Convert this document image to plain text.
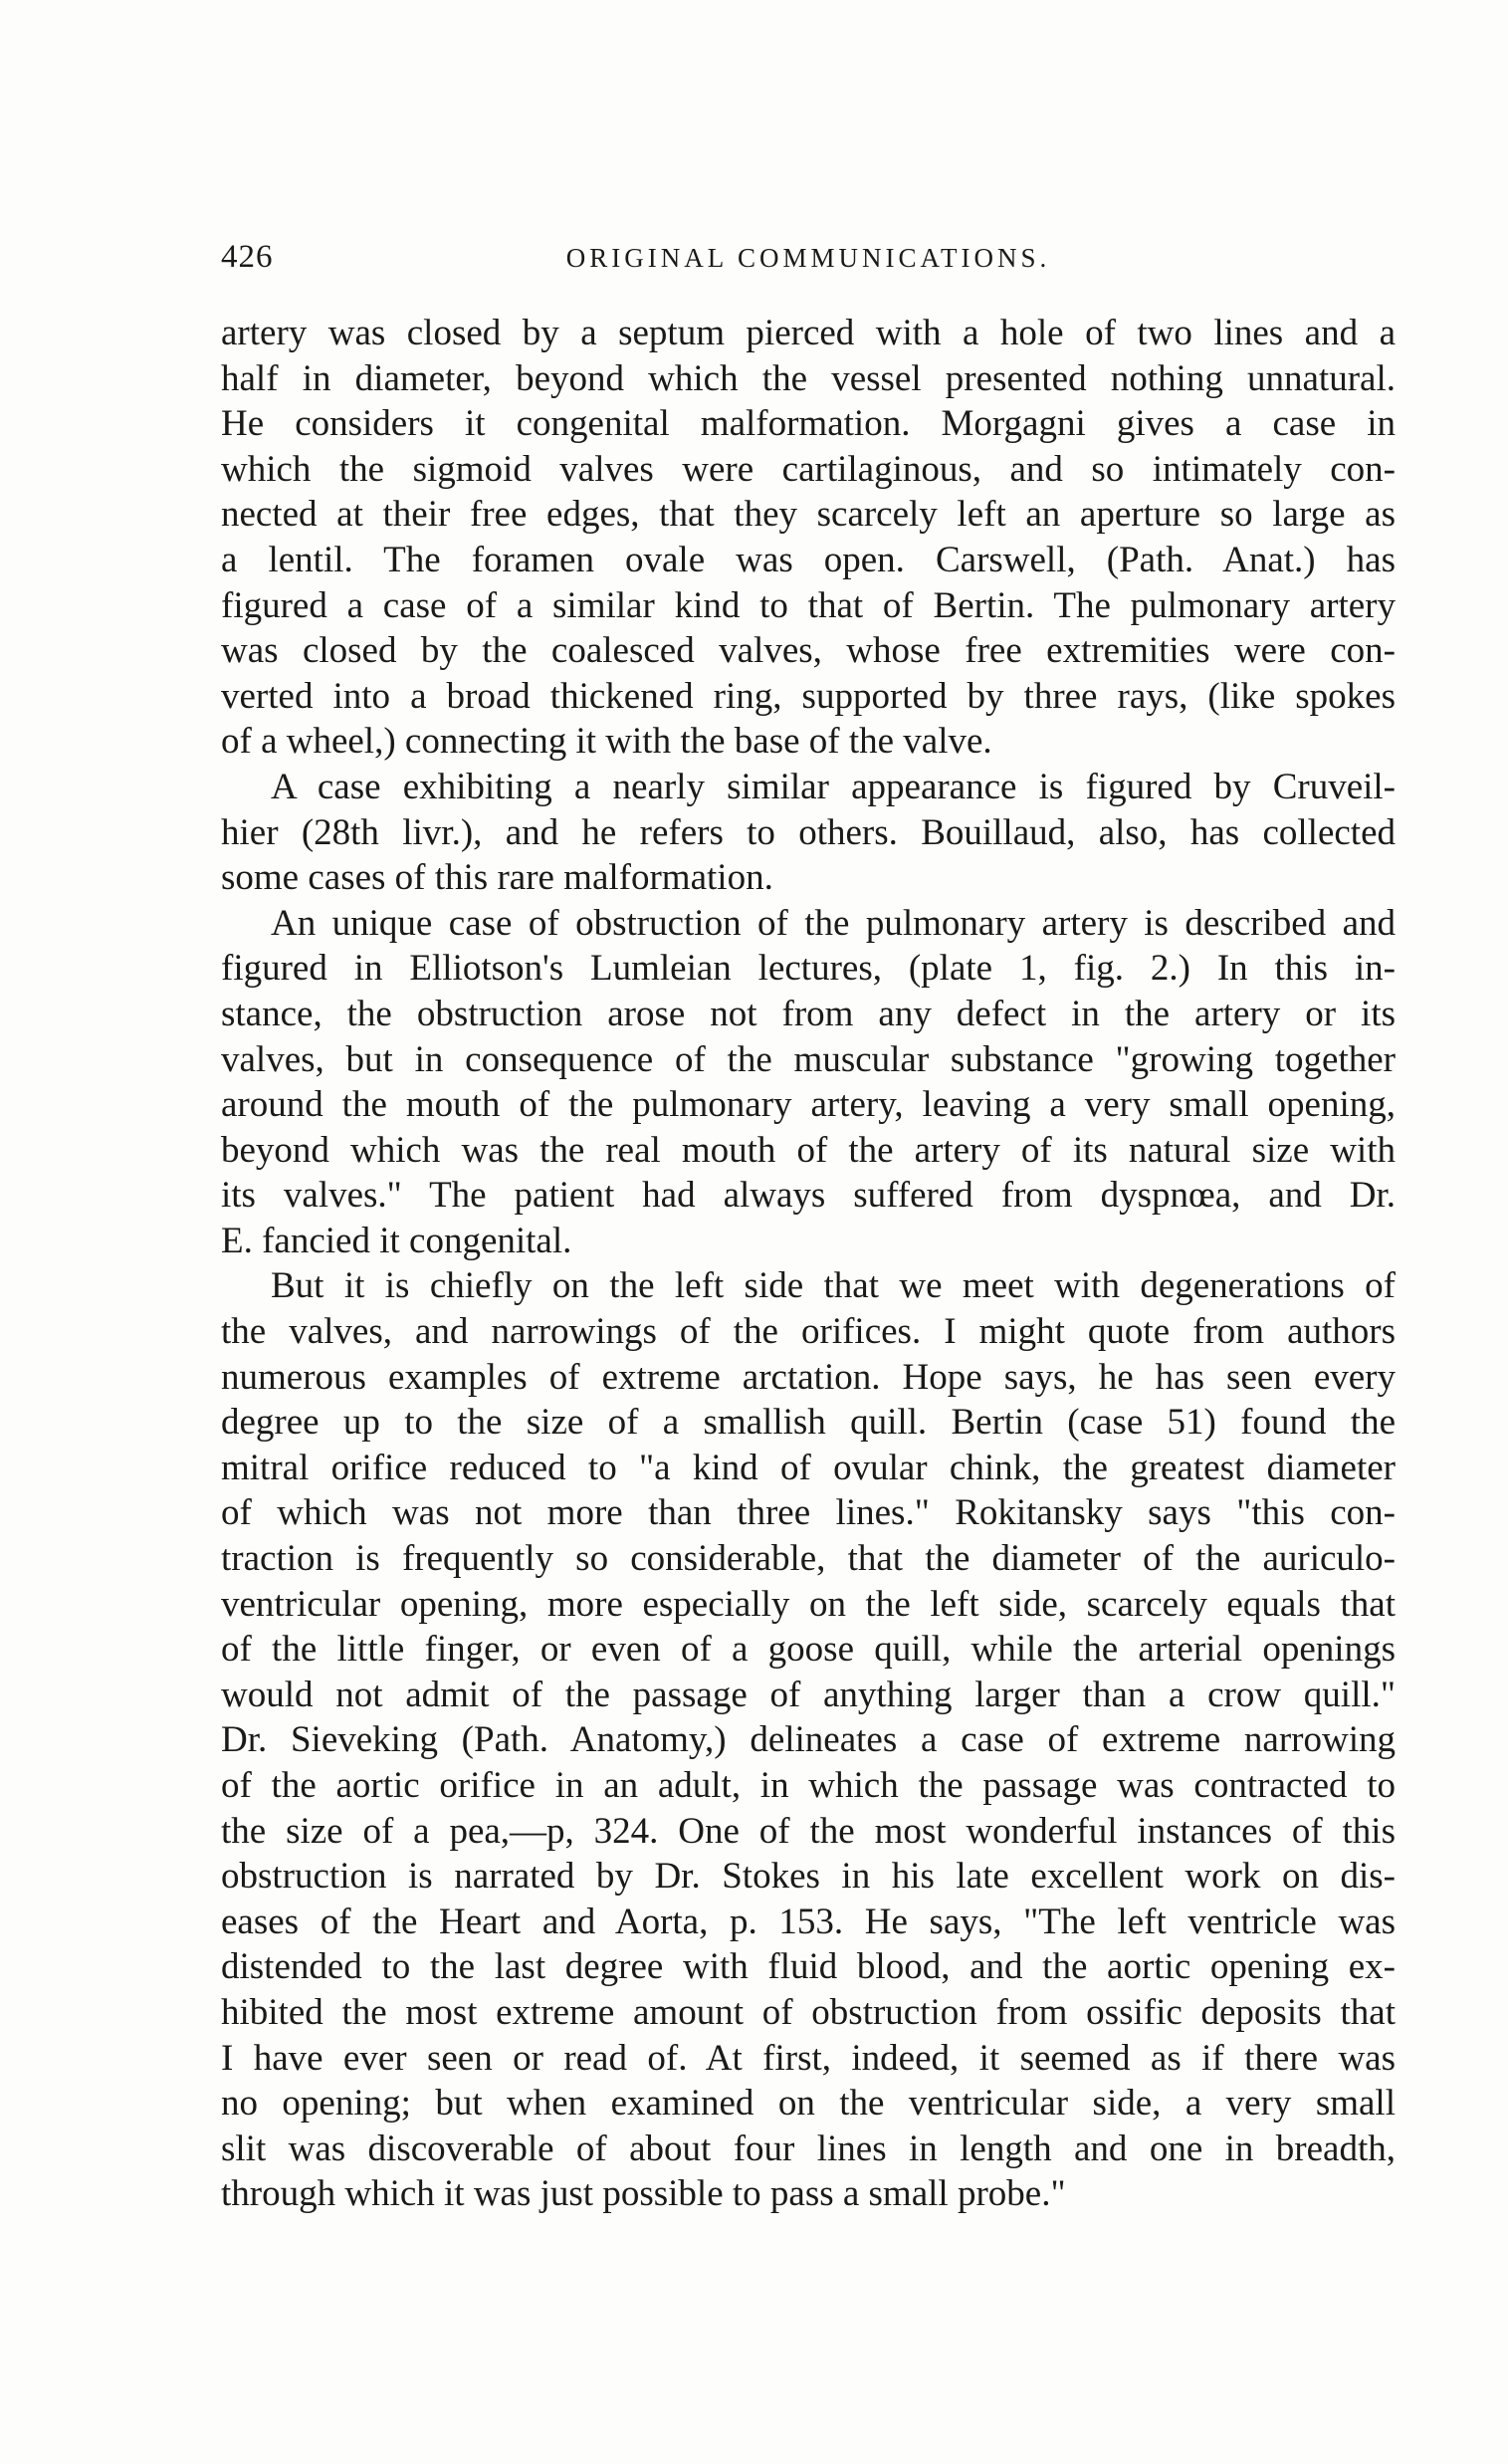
426	ORIGINAL COMMUNICATIONS.
artery was closed by a septum pierced with a hole of two lines and a
half in diameter, beyond which the vessel presented nothing unnatural.
He considers it congenital malformation. Morgagni gives a case in
which the sigmoid valves were cartilaginous, and so intimately con-
nected at their free edges, that they scarcely left an aperture so large as
a lentil. The foramen ovale was open. Carswell, (Path. Anat.) has
figured a case of a similar kind to that of Bertin. The pulmonary artery
was closed by the coalesced valves, whose free extremities were con-
verted into a broad thickened ring, supported by three rays, (like spokes
of a wheel,) connecting it with the base of the valve.
A case exhibiting a nearly similar appearance is figured by Cruveil-
hier (28th livr.), and he refers to others. Bouillaud, also, has collected
some cases of this rare malformation.
An unique case of obstruction of the pulmonary artery is described and
figured in Elliotson's Lumleian lectures, (plate 1, fig. 2.) In this in-
stance, the obstruction arose not from any defect in the artery or its
valves, but in consequence of the muscular substance "growing together
around the mouth of the pulmonary artery, leaving a very small opening,
beyond which was the real mouth of the artery of its natural size with
its valves." The patient had always suffered from dyspnœa, and Dr.
E. fancied it congenital.
But it is chiefly on the left side that we meet with degenerations of
the valves, and narrowings of the orifices. I might quote from authors
numerous examples of extreme arctation. Hope says, he has seen every
degree up to the size of a smallish quill. Bertin (case 51) found the
mitral orifice reduced to "a kind of ovular chink, the greatest diameter
of which was not more than three lines." Rokitansky says "this con-
traction is frequently so considerable, that the diameter of the auriculo-
ventricular opening, more especially on the left side, scarcely equals that
of the little finger, or even of a goose quill, while the arterial openings
would not admit of the passage of anything larger than a crow quill."
Dr. Sieveking (Path. Anatomy,) delineates a case of extreme narrowing
of the aortic orifice in an adult, in which the passage was contracted to
the size of a pea,—p, 324. One of the most wonderful instances of this
obstruction is narrated by Dr. Stokes in his late excellent work on dis-
eases of the Heart and Aorta, p. 153. He says, "The left ventricle was
distended to the last degree with fluid blood, and the aortic opening ex-
hibited the most extreme amount of obstruction from ossific deposits that
I have ever seen or read of. At first, indeed, it seemed as if there was
no opening; but when examined on the ventricular side, a very small
slit was discoverable of about four lines in length and one in breadth,
through which it was just possible to pass a small probe."
